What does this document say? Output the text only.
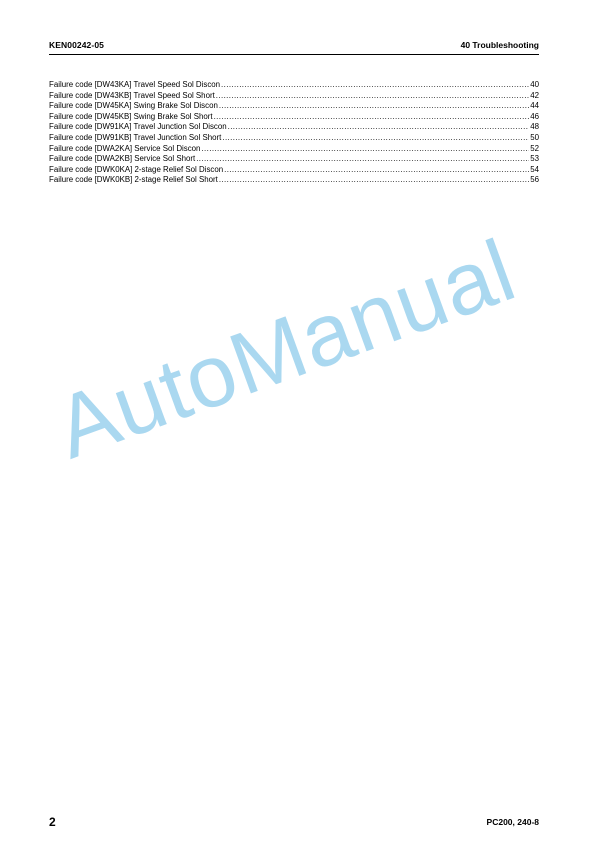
KEN00242-05	40 Troubleshooting
Failure code [DW43KA] Travel Speed Sol Discon .....	40
Failure code [DW43KB] Travel Speed Sol Short .....	42
Failure code [DW45KA] Swing Brake Sol Discon .....	44
Failure code [DW45KB] Swing Brake Sol Short .....	46
Failure code [DW91KA] Travel Junction Sol Discon .....	48
Failure code [DW91KB] Travel Junction Sol Short .....	50
Failure code [DWA2KA] Service Sol Discon .....	52
Failure code [DWA2KB] Service Sol Short .....	53
Failure code [DWK0KA] 2-stage Relief Sol Discon .....	54
Failure code [DWK0KB] 2-stage Relief Sol Short .....	56
AutoManual
2	PC200, 240-8
